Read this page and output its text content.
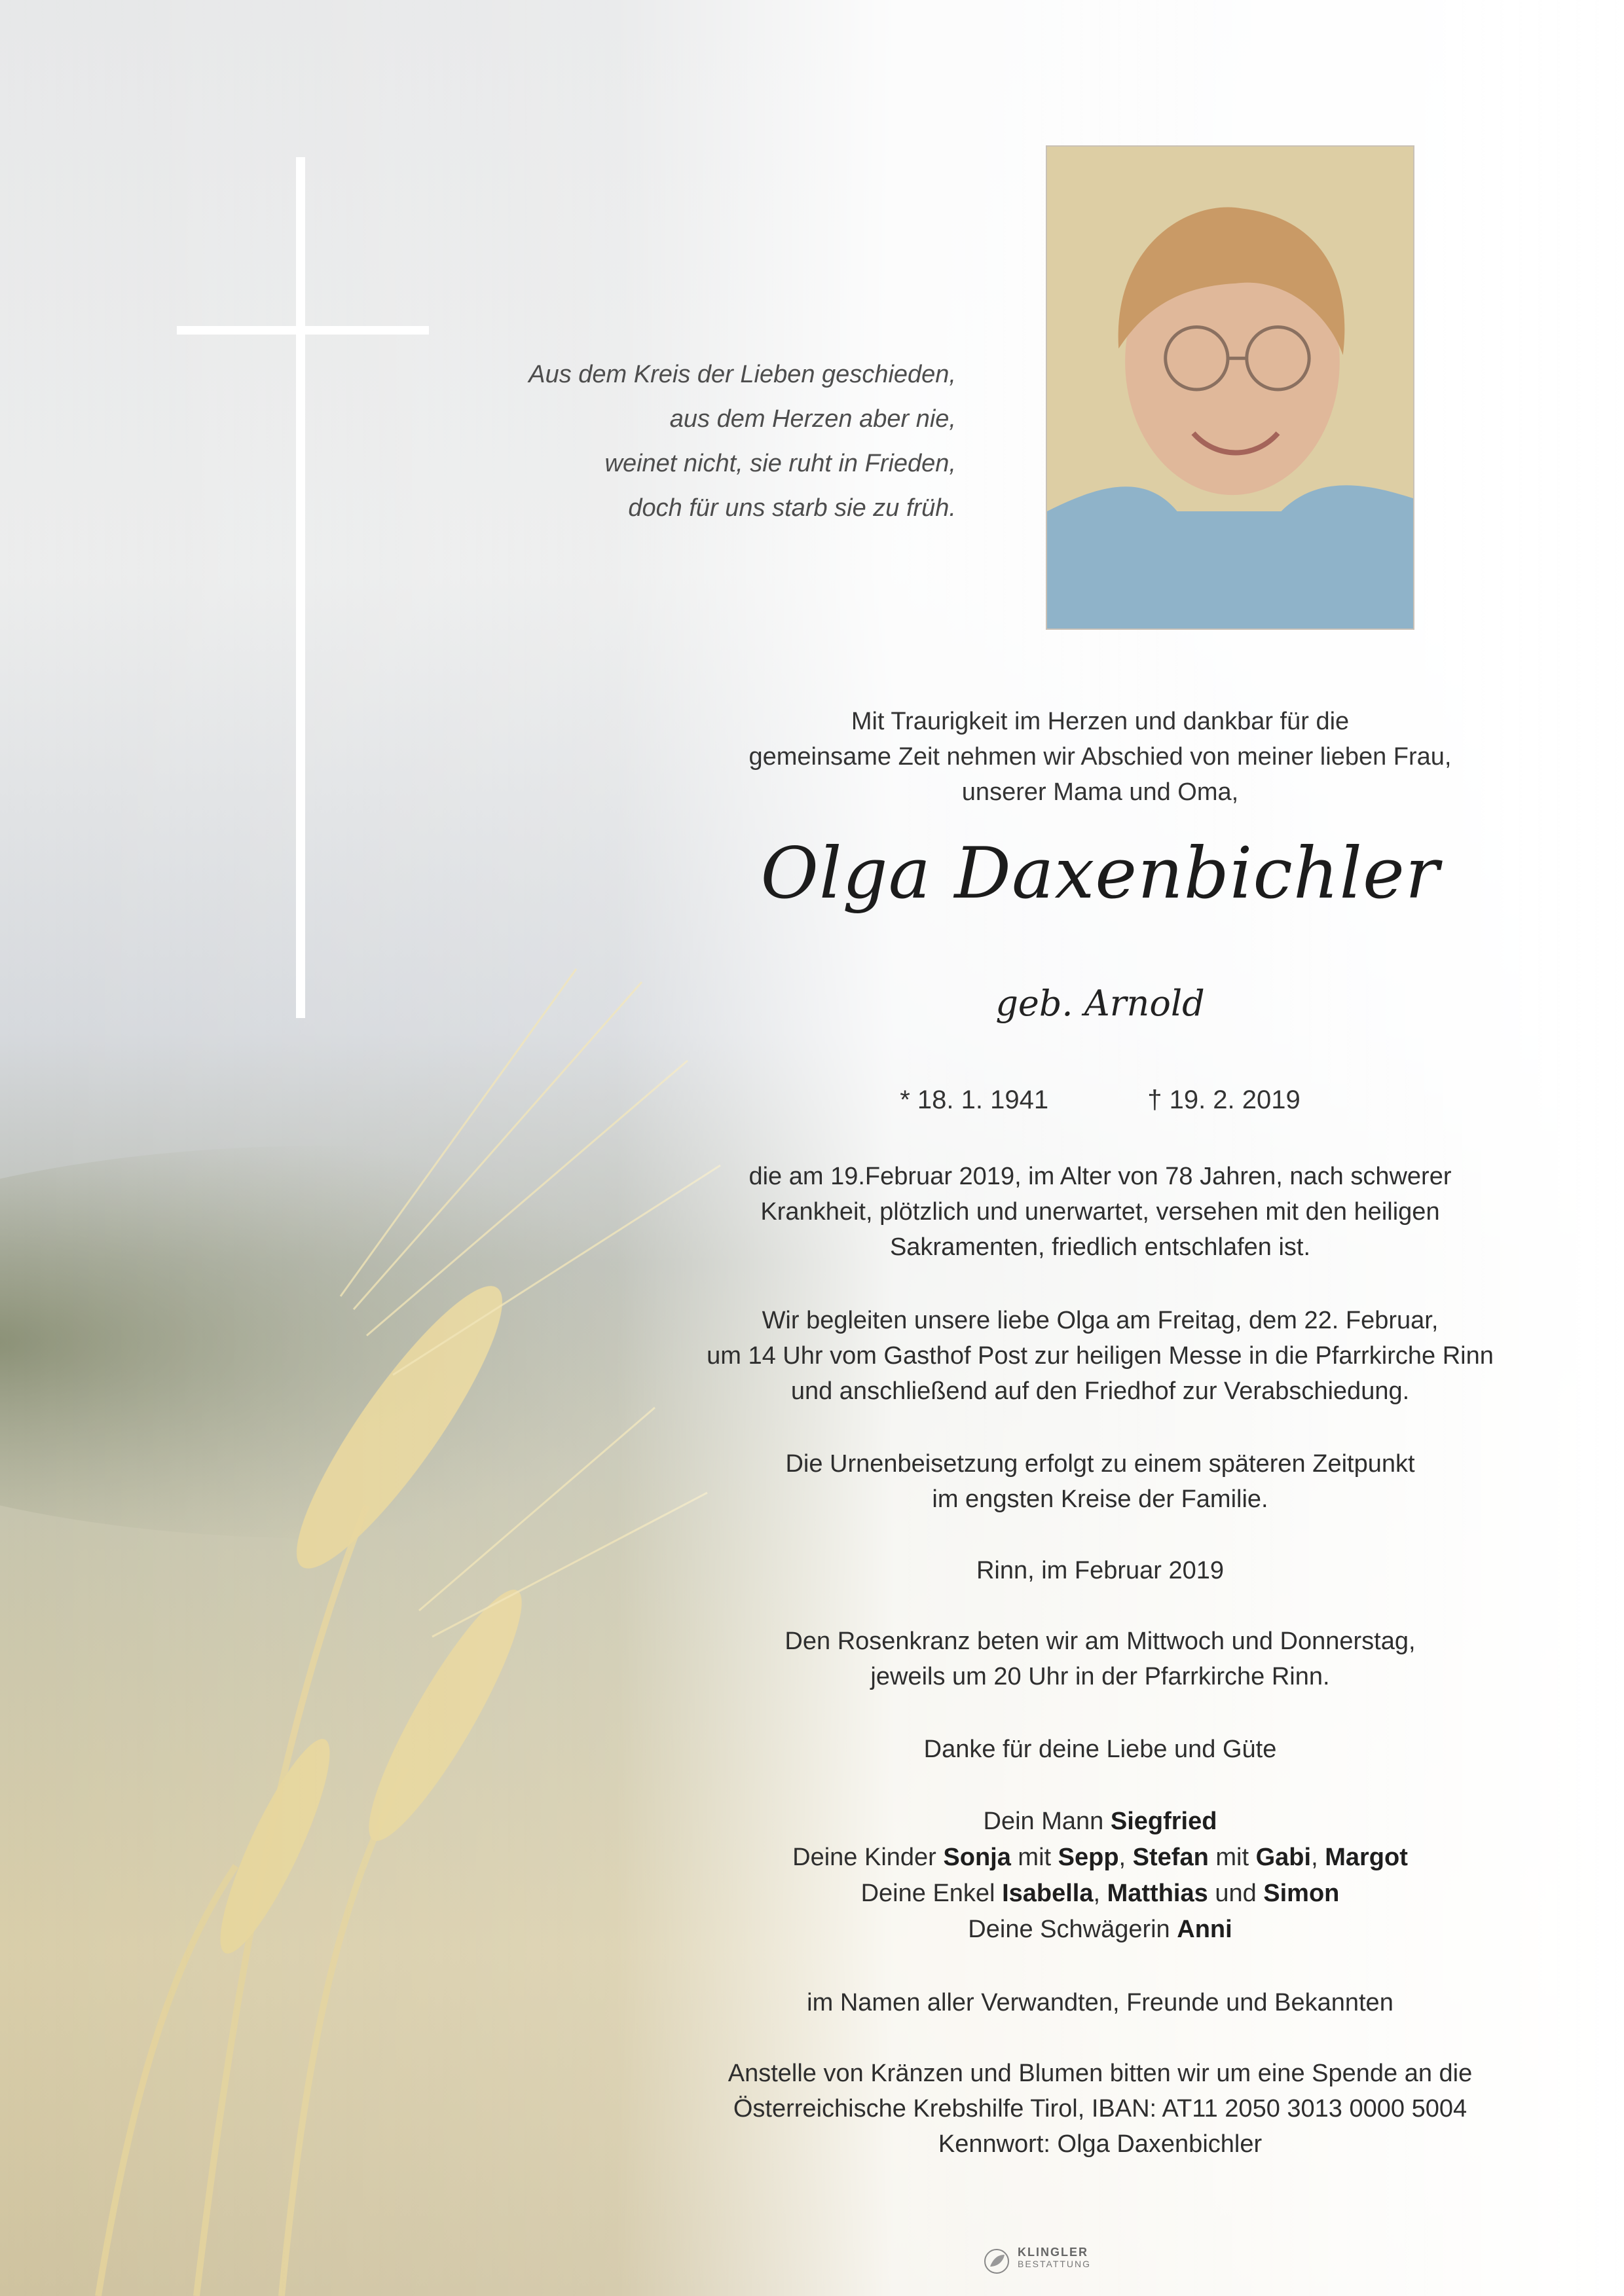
Aus dem Kreis der Lieben geschieden,
aus dem Herzen aber nie,
weinet nicht, sie ruht in Frieden,
doch für uns starb sie zu früh.
Mit Traurigkeit im Herzen und dankbar für die
gemeinsame Zeit nehmen wir Abschied von meiner lieben Frau,
unserer Mama und Oma,
Olga Daxenbichler
geb. Arnold
* 18. 1. 1941	† 19. 2. 2019
die am 19.Februar 2019, im Alter von 78 Jahren, nach schwerer
Krankheit, plötzlich und unerwartet, versehen mit den heiligen
Sakramenten, friedlich entschlafen ist.
Wir begleiten unsere liebe Olga am Freitag, dem 22. Februar,
um 14 Uhr vom Gasthof Post zur heiligen Messe in die Pfarrkirche Rinn
und anschließend auf den Friedhof zur Verabschiedung.
Die Urnenbeisetzung erfolgt zu einem späteren Zeitpunkt
im engsten Kreise der Familie.
Rinn, im Februar 2019
Den Rosenkranz beten wir am Mittwoch und Donnerstag,
jeweils um 20 Uhr in der Pfarrkirche Rinn.
Danke für deine Liebe und Güte
Dein Mann Siegfried
Deine Kinder Sonja mit Sepp, Stefan mit Gabi, Margot
Deine Enkel Isabella, Matthias und Simon
Deine Schwägerin Anni
im Namen aller Verwandten, Freunde und Bekannten
Anstelle von Kränzen und Blumen bitten wir um eine Spende an die
Österreichische Krebshilfe Tirol, IBAN: AT11 2050 3013 0000 5004
Kennwort: Olga Daxenbichler
KLINGLER
BESTATTUNG
